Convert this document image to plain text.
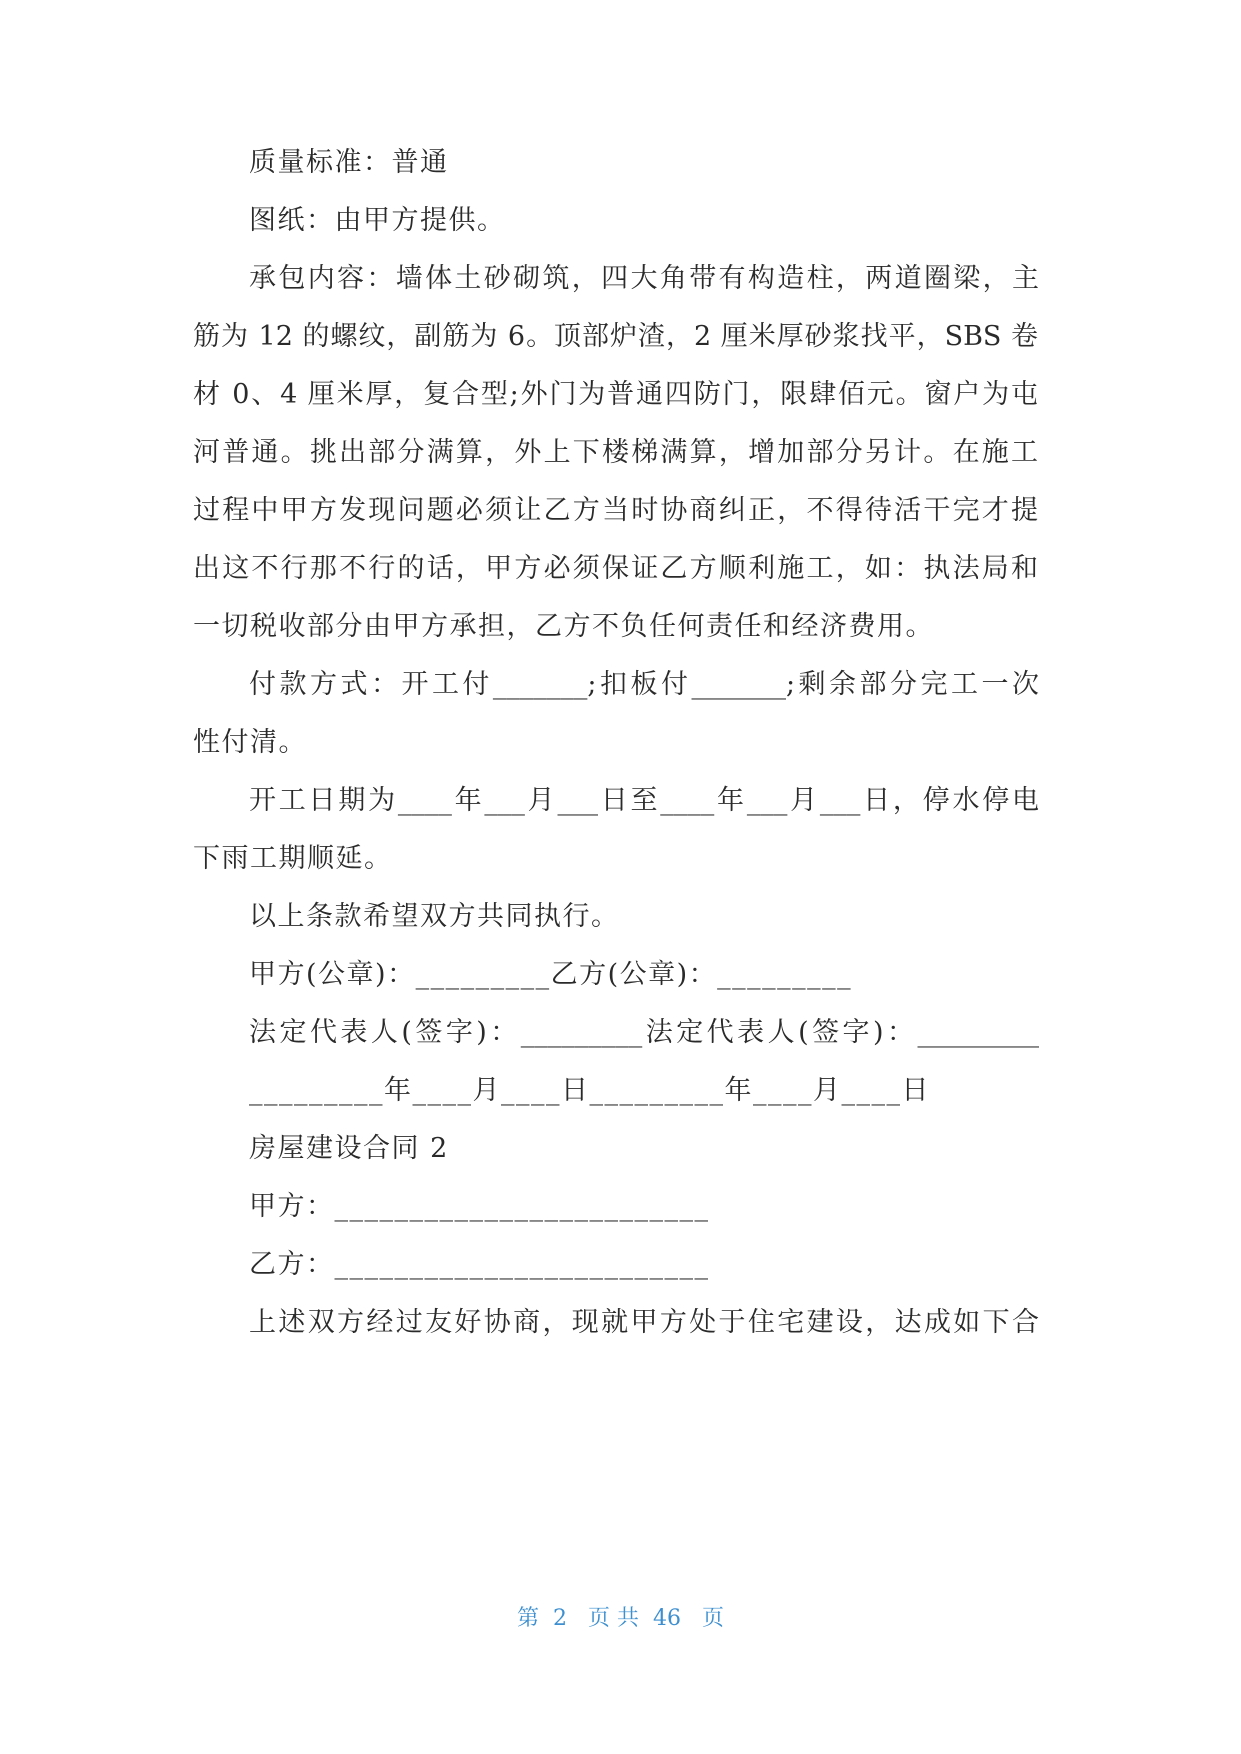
质量标准：普通
图纸：由甲方提供。
承包内容：墙体土砂砌筑，四大角带有构造柱，两道圈梁，主
筋为 12 的螺纹，副筋为 6。顶部炉渣，2 厘米厚砂浆找平，SBS 卷
材 0、4 厘米厚，复合型;外门为普通四防门，限肆佰元。窗户为屯
河普通。挑出部分满算，外上下楼梯满算，增加部分另计。在施工
过程中甲方发现问题必须让乙方当时协商纠正，不得待活干完才提
出这不行那不行的话，甲方必须保证乙方顺利施工，如：执法局和
一切税收部分由甲方承担，乙方不负任何责任和经济费用。
付款方式：开工付_______;扣板付_______;剩余部分完工一次
性付清。
开工日期为____年___月___日至____年___月___日，停水停电
下雨工期顺延。
以上条款希望双方共同执行。
甲方(公章)：_________乙方(公章)：_________
法定代表人(签字)：_________法定代表人(签字)：_________
_________年____月____日_________年____月____日
房屋建设合同 2
甲方：_________________________
乙方：_________________________
上述双方经过友好协商，现就甲方处于住宅建设，达成如下合
第  2   页 共  46   页
